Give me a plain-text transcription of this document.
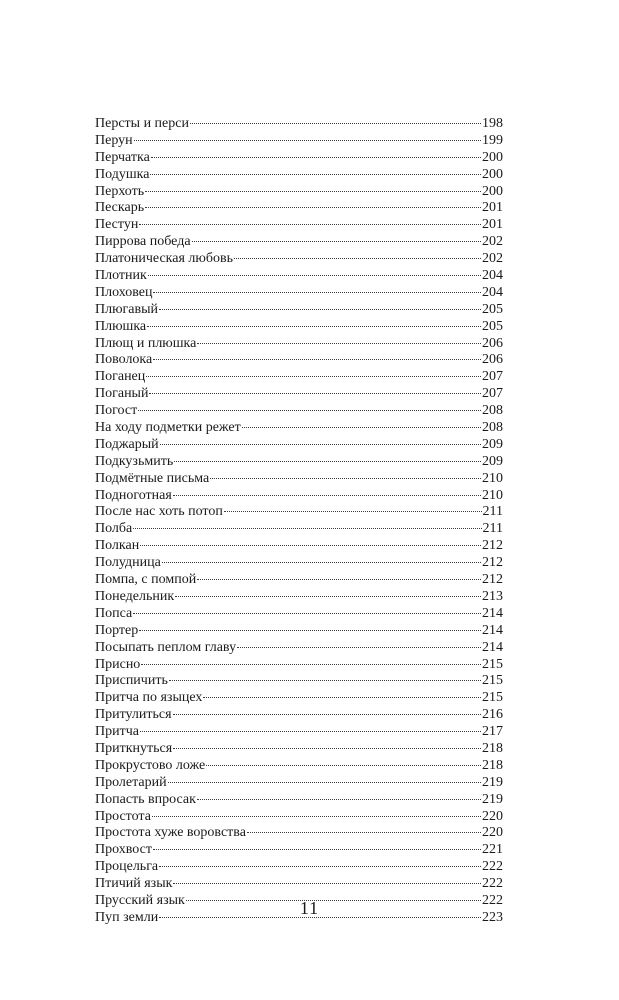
Персты и перси	198
Перун	199
Перчатка	200
Подушка	200
Перхоть	200
Пескарь	201
Пестун	201
Пиррова победа	202
Платоническая любовь	202
Плотник	204
Плоховец	204
Плюгавый	205
Плюшка	205
Плющ и плюшка	206
Поволока	206
Поганец	207
Поганый	207
Погост	208
На ходу подметки режет	208
Поджарый	209
Подкузьмить	209
Подмётные письма	210
Подноготная	210
После нас хоть потоп	211
Полба	211
Полкан	212
Полудница	212
Помпа, с помпой	212
Понедельник	213
Попса	214
Портер	214
Посыпать пеплом главу	214
Присно	215
Приспичить	215
Притча по языцех	215
Притулиться	216
Притча	217
Приткнуться	218
Прокрустово ложе	218
Пролетарий	219
Попасть впросак	219
Простота	220
Простота хуже воровства	220
Прохвост	221
Процельга	222
Птичий язык	222
Прусский язык	222
Пуп земли	223
11
